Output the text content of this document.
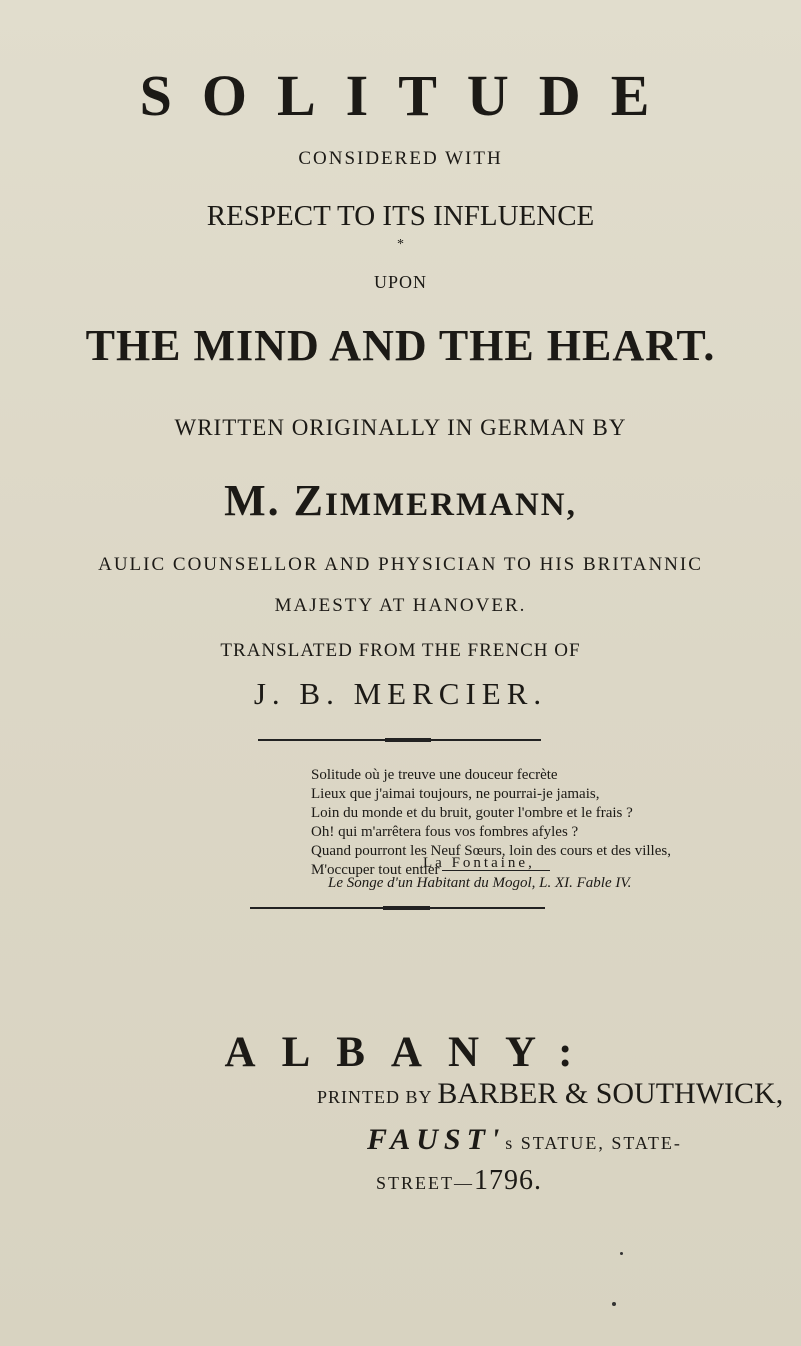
SOLITUDE
CONSIDERED WITH
RESPECT TO ITS INFLUENCE
*
UPON
THE MIND AND THE HEART.
WRITTEN ORIGINALLY IN GERMAN BY
M. ZIMMERMANN,
AULIC COUNSELLOR AND PHYSICIAN TO HIS BRITANNIC
MAJESTY AT HANOVER.
TRANSLATED FROM THE FRENCH OF
J. B. MERCIER.
Solitude où je treuve une douceur fecrète
Lieux que j'aimai toujours, ne pourrai-je jamais,
Loin du monde et du bruit, gouter l'ombre et le frais ?
Oh! qui m'arrêtera fous vos fombres afyles ?
Quand pourront les Neuf Sœurs, loin des cours et des villes,
M'occuper tout entier
La Fontaine,
Le Songe d'un Habitant du Mogol, L. XI. Fable IV.
ALBANY:
PRINTED BY BARBER & SOUTHWICK,
FAUST's STATUE, STATE-
STREET—1796.
